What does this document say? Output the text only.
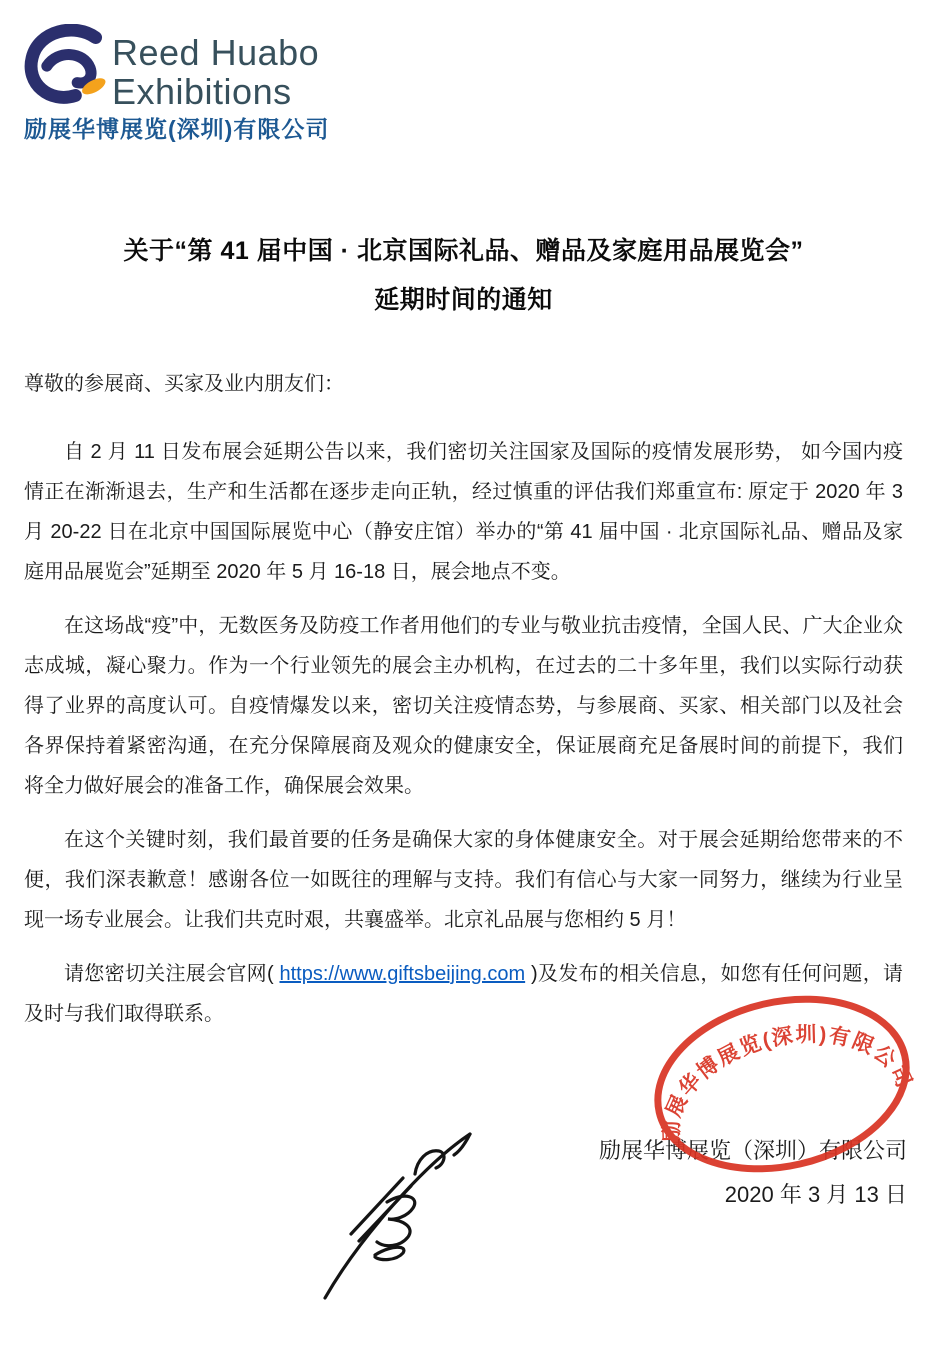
Reed Huabo
Exhibitions
励展华博展览(深圳)有限公司
关于“第 41 届中国 · 北京国际礼品、赠品及家庭用品展览会”
延期时间的通知

尊敬的参展商、买家及业内朋友们：

自 2 月 11 日发布展会延期公告以来，我们密切关注国家及国际的疫情发展形势， 如今国内疫情正在渐渐退去，生产和生活都在逐步走向正轨，经过慎重的评估我们郑重宣布: 原定于 2020 年 3 月 20-22 日在北京中国国际展览中心（静安庄馆）举办的“第 41 届中国 · 北京国际礼品、赠品及家庭用品展览会”延期至 2020 年 5 月 16-18 日，展会地点不变。

在这场战“疫”中，无数医务及防疫工作者用他们的专业与敬业抗击疫情，全国人民、广大企业众志成城，凝心聚力。作为一个行业领先的展会主办机构，在过去的二十多年里，我们以实际行动获得了业界的高度认可。自疫情爆发以来，密切关注疫情态势，与参展商、买家、相关部门以及社会各界保持着紧密沟通，在充分保障展商及观众的健康安全，保证展商充足备展时间的前提下，我们将全力做好展会的准备工作，确保展会效果。

在这个关键时刻，我们最首要的任务是确保大家的身体健康安全。对于展会延期给您带来的不便，我们深表歉意！感谢各位一如既往的理解与支持。我们有信心与大家一同努力，继续为行业呈现一场专业展会。让我们共克时艰，共襄盛举。北京礼品展与您相约 5 月！

请您密切关注展会官网( https://www.giftsbeijing.com )及发布的相关信息，如您有任何问题，请及时与我们取得联系。

励展华博展览(深圳)有限公司
励展华博展览（深圳）有限公司
2020 年 3 月 13 日
